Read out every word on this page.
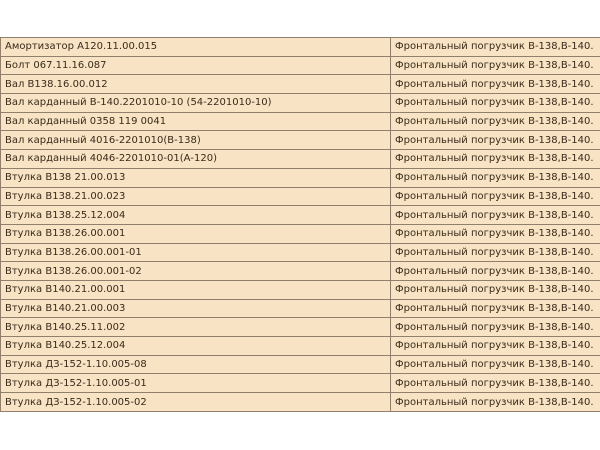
Амортизатор А120.11.00.015	Фронтальный погрузчик В-138,В-140.
Болт 067.11.16.087	Фронтальный погрузчик В-138,В-140.
Вал В138.16.00.012	Фронтальный погрузчик В-138,В-140.
Вал карданный В-140.2201010-10 (54-2201010-10)	Фронтальный погрузчик В-138,В-140.
Вал карданный 0358 119 0041	Фронтальный погрузчик В-138,В-140.
Вал карданный 4016-2201010(В-138)	Фронтальный погрузчик В-138,В-140.
Вал карданный 4046-2201010-01(А-120)	Фронтальный погрузчик В-138,В-140.
Втулка В138 21.00.013	Фронтальный погрузчик В-138,В-140.
Втулка В138.21.00.023	Фронтальный погрузчик В-138,В-140.
Втулка В138.25.12.004	Фронтальный погрузчик В-138,В-140.
Втулка В138.26.00.001	Фронтальный погрузчик В-138,В-140.
Втулка В138.26.00.001-01	Фронтальный погрузчик В-138,В-140.
Втулка В138.26.00.001-02	Фронтальный погрузчик В-138,В-140.
Втулка В140.21.00.001	Фронтальный погрузчик В-138,В-140.
Втулка В140.21.00.003	Фронтальный погрузчик В-138,В-140.
Втулка В140.25.11.002	Фронтальный погрузчик В-138,В-140.
Втулка В140.25.12.004	Фронтальный погрузчик В-138,В-140.
Втулка ДЗ-152-1.10.005-08	Фронтальный погрузчик В-138,В-140.
Втулка ДЗ-152-1.10.005-01	Фронтальный погрузчик В-138,В-140.
Втулка ДЗ-152-1.10.005-02	Фронтальный погрузчик В-138,В-140.
